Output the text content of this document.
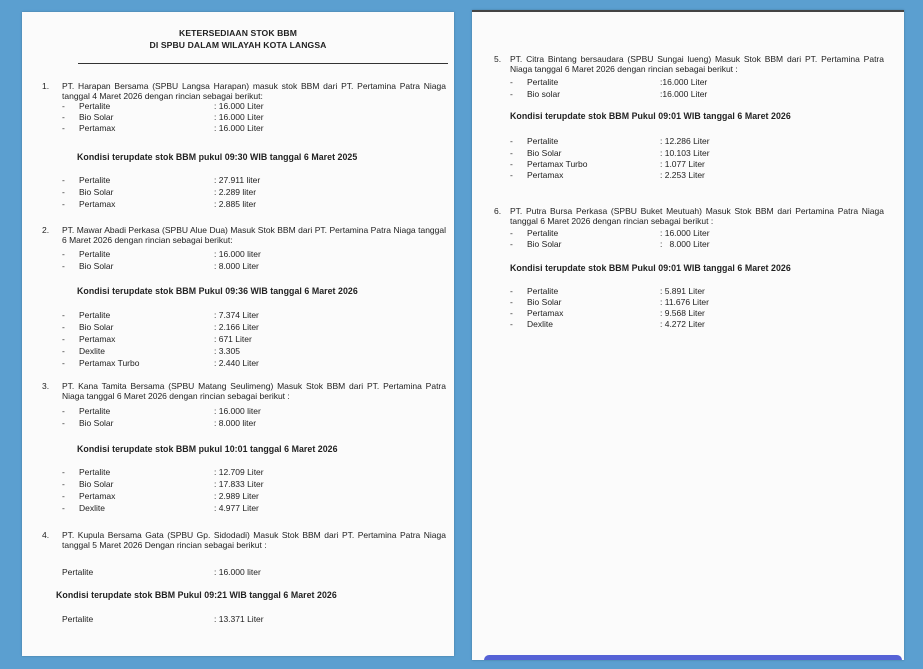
KETERSEDIAAN STOK BBM
DI SPBU DALAM WILAYAH KOTA LANGSA
1. PT. Harapan Bersama (SPBU Langsa Harapan) masuk stok BBM dari PT. Pertamina Patra Niaga tanggal 4 Maret 2026 dengan rincian sebagai berikut:
- Pertalite	: 16.000 Liter
- Bio Solar	: 16.000 Liter
- Pertamax	: 16.000 Liter
Kondisi terupdate stok BBM pukul 09:30 WIB tanggal 6 Maret 2025
- Pertalite	: 27.911 liter
- Bio Solar	: 2.289 liter
- Pertamax	: 2.885 liter
2. PT. Mawar Abadi Perkasa (SPBU Alue Dua) Masuk Stok BBM dari PT. Pertamina Patra Niaga tanggal 6 Maret 2026 dengan rincian sebagai berikut:
- Pertalite	: 16.000 liter
- Bio Solar	: 8.000 Liter
Kondisi terupdate stok BBM Pukul 09:36 WIB tanggal 6 Maret 2026
- Pertalite	: 7.374 Liter
- Bio Solar	: 2.166 Liter
- Pertamax	: 671 Liter
- Dexlite	: 3.305
- Pertamax Turbo	: 2.440 Liter
3. PT. Kana Tamita Bersama (SPBU Matang Seulimeng) Masuk Stok BBM dari PT. Pertamina Patra Niaga tanggal 6 Maret 2026 dengan rincian sebagai berikut :
- Pertalite	: 16.000 liter
- Bio Solar	: 8.000 liter
Kondisi terupdate stok BBM pukul 10:01 tanggal 6 Maret 2026
- Pertalite	: 12.709 Liter
- Bio Solar	: 17.833 Liter
- Pertamax	: 2.989 Liter
- Dexlite	: 4.977 Liter
4. PT. Kupula Bersama Gata (SPBU Gp. Sidodadi) Masuk Stok BBM dari PT. Pertamina Patra Niaga tanggal 5 Maret 2026 Dengan rincian sebagai berikut :
Pertalite	: 16.000 liter
Kondisi terupdate stok BBM Pukul 09:21 WIB tanggal 6 Maret 2026
Pertalite	: 13.371 Liter
5. PT. Citra Bintang bersaudara (SPBU Sungai lueng) Masuk Stok BBM dari PT. Pertamina Patra Niaga tanggal 6 Maret 2026 dengan rincian sebagai berikut :
- Pertalite	:16.000 Liter
- Bio solar	:16.000 Liter
Kondisi terupdate stok BBM Pukul 09:01 WIB tanggal 6 Maret 2026
- Pertalite	: 12.286 Liter
- Bio Solar	: 10.103 Liter
- Pertamax Turbo	: 1.077 Liter
- Pertamax	: 2.253 Liter
6. PT. Putra Bursa Perkasa (SPBU Buket Meutuah) Masuk Stok BBM dari Pertamina Patra Niaga tanggal 6 Maret 2026 dengan rincian sebagai berikut :
- Pertalite	: 16.000 Liter
- Bio Solar	:   8.000 Liter
Kondisi terupdate stok BBM Pukul 09:01 WIB tanggal 6 Maret 2026
- Pertalite	: 5.891 Liter
- Bio Solar	: 11.676 Liter
- Pertamax	: 9.568 Liter
- Dexlite	: 4.272 Liter
